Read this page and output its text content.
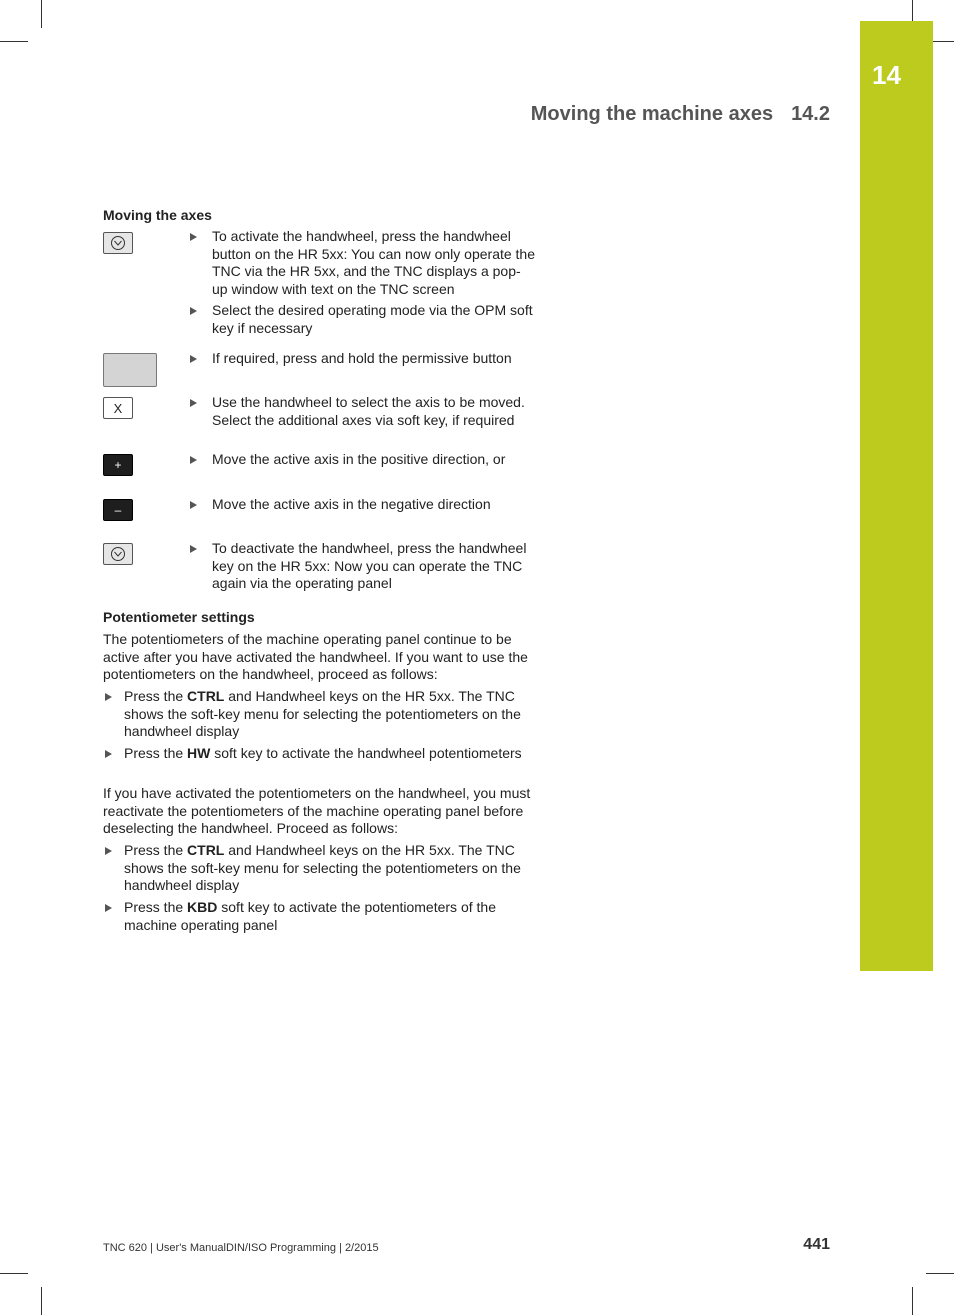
14
Moving the machine axes 14.2
Moving the axes
X
+
–
To activate the handwheel, press the handwheel button on the HR 5xx: You can now only operate the TNC via the HR 5xx, and the TNC displays a pop-up window with text on the TNC screen
Select the desired operating mode via the OPM soft key if necessary
If required, press and hold the permissive button
Use the handwheel to select the axis to be moved. Select the additional axes via soft key, if required
Move the active axis in the positive direction, or
Move the active axis in the negative direction
To deactivate the handwheel, press the handwheel key on the HR 5xx: Now you can operate the TNC again via the operating panel
Potentiometer settings
The potentiometers of the machine operating panel continue to be active after you have activated the handwheel. If you want to use the potentiometers on the handwheel, proceed as follows:
Press the CTRL and Handwheel keys on the HR 5xx. The TNC shows the soft-key menu for selecting the potentiometers on the handwheel display
Press the HW soft key to activate the handwheel potentiometers
If you have activated the potentiometers on the handwheel, you must reactivate the potentiometers of the machine operating panel before deselecting the handwheel. Proceed as follows:
Press the CTRL and Handwheel keys on the HR 5xx. The TNC shows the soft-key menu for selecting the potentiometers on the handwheel display
Press the KBD soft key to activate the potentiometers of the machine operating panel
TNC 620 | User's ManualDIN/ISO Programming | 2/2015	441
